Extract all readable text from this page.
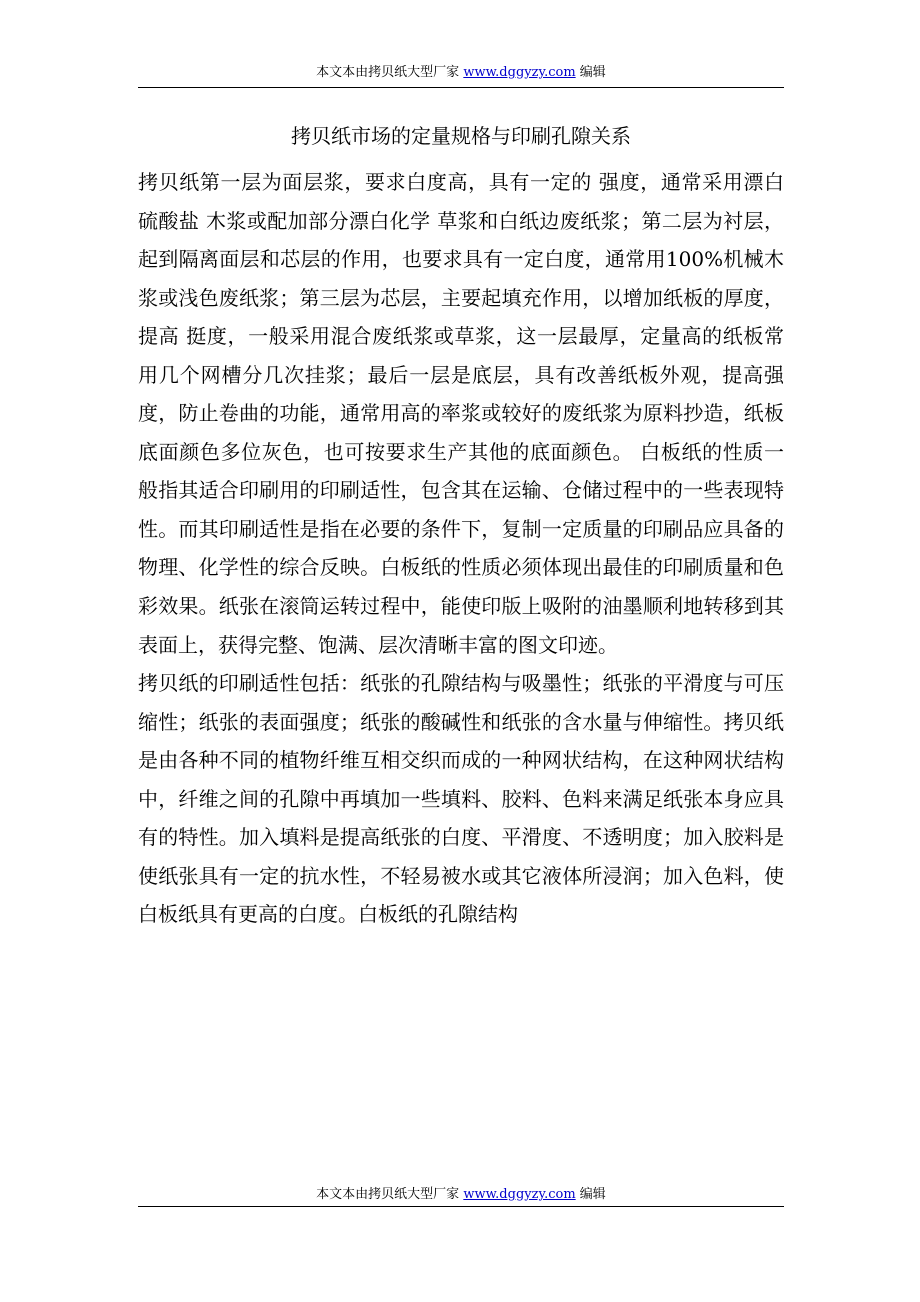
本文本由拷贝纸大型厂家 www.dggyzy.com 编辑
拷贝纸市场的定量规格与印刷孔隙关系

拷贝纸第一层为面层浆，要求白度高，具有一定的 强度，通常采用漂白硫酸盐 木浆或配加部分漂白化学 草浆和白纸边废纸浆；第二层为衬层，起到隔离面层和芯层的作用，也要求具有一定白度，通常用100%机械木浆或浅色废纸浆；第三层为芯层，主要起填充作用，以增加纸板的厚度，提高 挺度，一般采用混合废纸浆或草浆，这一层最厚，定量高的纸板常用几个网槽分几次挂浆；最后一层是底层，具有改善纸板外观，提高强度，防止卷曲的功能，通常用高的率浆或较好的废纸浆为原料抄造，纸板底面颜色多位灰色，也可按要求生产其他的底面颜色。 白板纸的性质一般指其适合印刷用的印刷适性，包含其在运输、仓储过程中的一些表现特性。而其印刷适性是指在必要的条件下，复制一定质量的印刷品应具备的物理、化学性的综合反映。白板纸的性质必须体现出最佳的印刷质量和色彩效果。纸张在滚筒运转过程中，能使印版上吸附的油墨顺利地转移到其表面上，获得完整、饱满、层次清晰丰富的图文印迹。

拷贝纸的印刷适性包括：纸张的孔隙结构与吸墨性；纸张的平滑度与可压缩性；纸张的表面强度；纸张的酸碱性和纸张的含水量与伸缩性。拷贝纸是由各种不同的植物纤维互相交织而成的一种网状结构，在这种网状结构中，纤维之间的孔隙中再填加一些填料、胶料、色料来满足纸张本身应具有的特性。加入填料是提高纸张的白度、平滑度、不透明度；加入胶料是使纸张具有一定的抗水性，不轻易被水或其它液体所浸润；加入色料，使白板纸具有更高的白度。白板纸的孔隙结构

本文本由拷贝纸大型厂家 www.dggyzy.com 编辑
